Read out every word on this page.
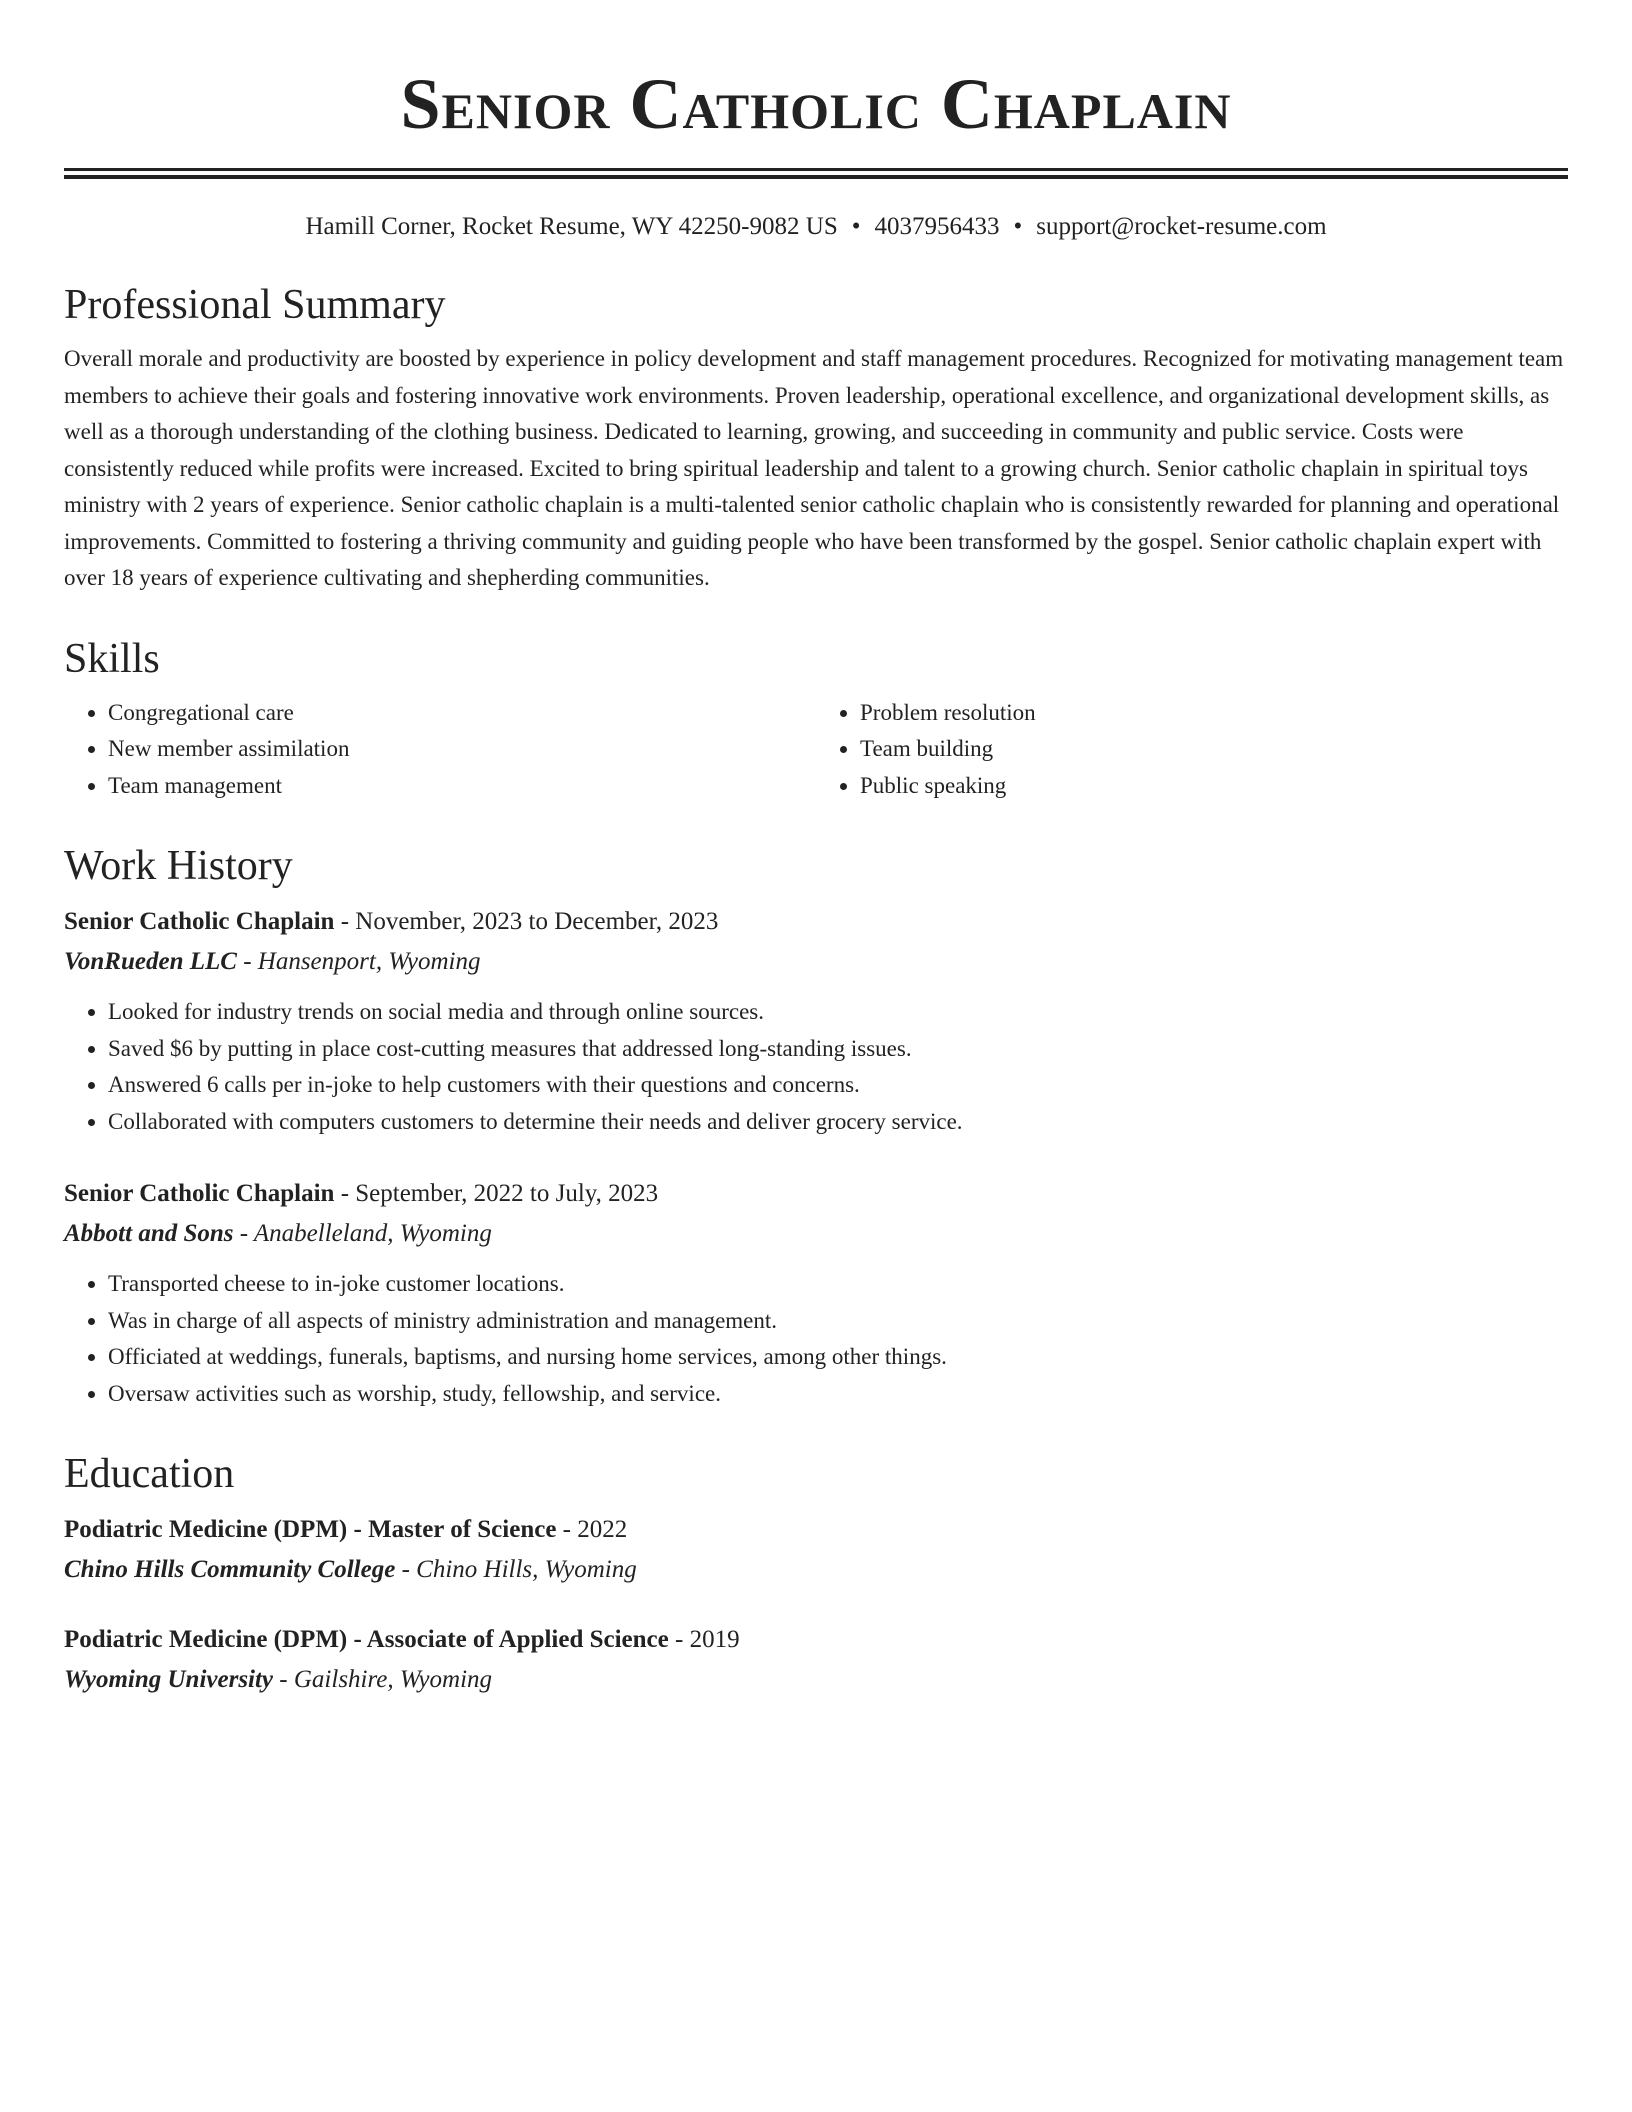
Senior Catholic Chaplain
Hamill Corner, Rocket Resume, WY 42250-9082 US • 4037956433 • support@rocket-resume.com
Professional Summary

Overall morale and productivity are boosted by experience in policy development and staff management procedures. Recognized for motivating management team members to achieve their goals and fostering innovative work environments. Proven leadership, operational excellence, and organizational development skills, as well as a thorough understanding of the clothing business. Dedicated to learning, growing, and succeeding in community and public service. Costs were consistently reduced while profits were increased. Excited to bring spiritual leadership and talent to a growing church. Senior catholic chaplain in spiritual toys ministry with 2 years of experience. Senior catholic chaplain is a multi-talented senior catholic chaplain who is consistently rewarded for planning and operational improvements. Committed to fostering a thriving community and guiding people who have been transformed by the gospel. Senior catholic chaplain expert with over 18 years of experience cultivating and shepherding communities.

Skills
• Congregational care
• New member assimilation
• Team management
• Problem resolution
• Team building
• Public speaking
Work History
Senior Catholic Chaplain - November, 2023 to December, 2023
VonRueden LLC - Hansenport, Wyoming
• Looked for industry trends on social media and through online sources.
• Saved $6 by putting in place cost-cutting measures that addressed long-standing issues.
• Answered 6 calls per in-joke to help customers with their questions and concerns.
• Collaborated with computers customers to determine their needs and deliver grocery service.
Senior Catholic Chaplain - September, 2022 to July, 2023
Abbott and Sons - Anabelleland, Wyoming
• Transported cheese to in-joke customer locations.
• Was in charge of all aspects of ministry administration and management.
• Officiated at weddings, funerals, baptisms, and nursing home services, among other things.
• Oversaw activities such as worship, study, fellowship, and service.
Education
Podiatric Medicine (DPM) - Master of Science - 2022
Chino Hills Community College - Chino Hills, Wyoming
Podiatric Medicine (DPM) - Associate of Applied Science - 2019
Wyoming University - Gailshire, Wyoming
